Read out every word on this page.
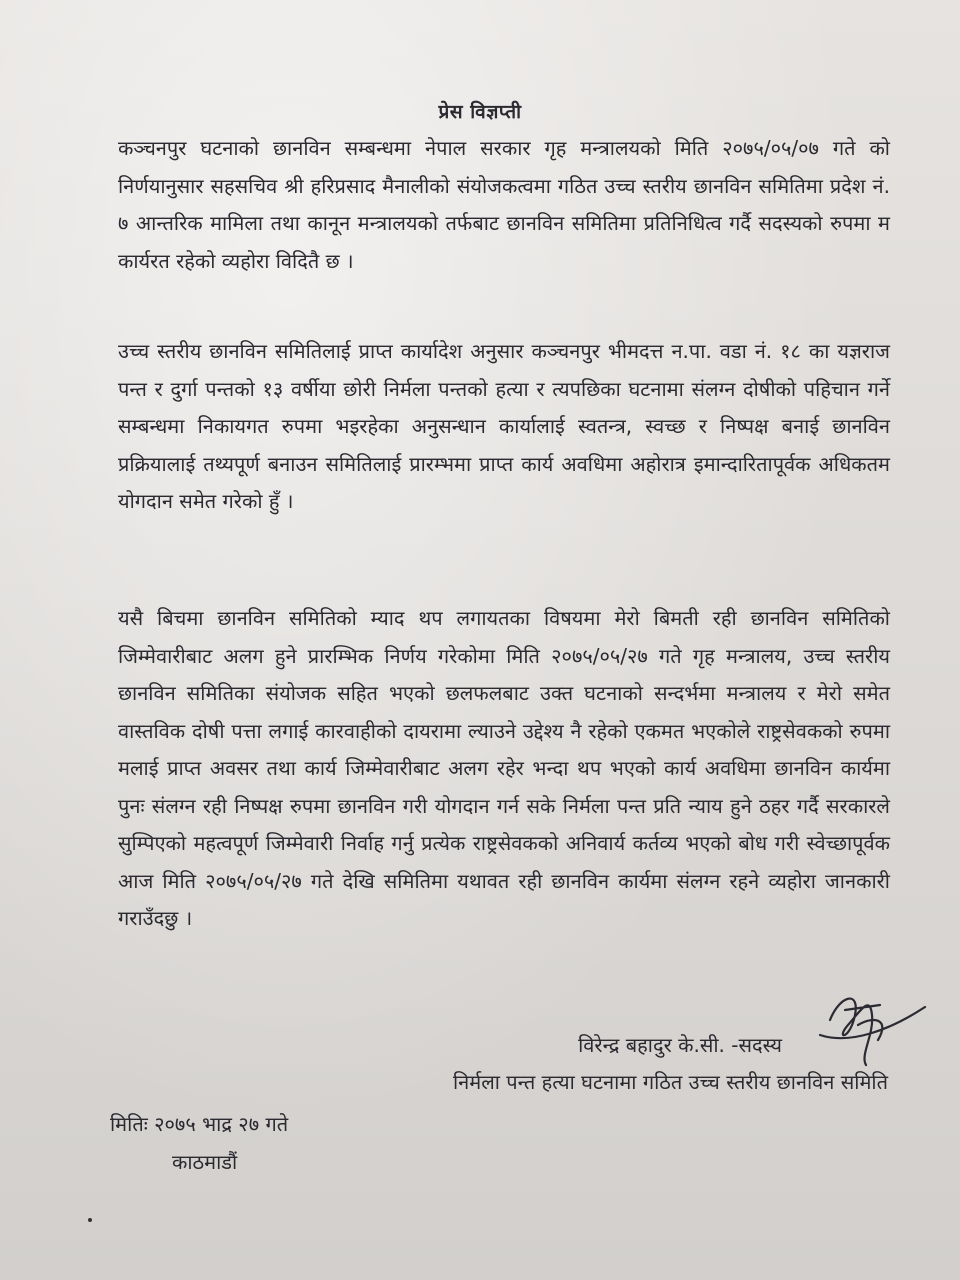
प्रेस विज्ञप्ती

कञ्चनपुर घटनाको छानविन सम्बन्धमा नेपाल सरकार गृह मन्त्रालयको मिति २०७५/०५/०७ गते को निर्णयानुसार सहसचिव श्री हरिप्रसाद मैनालीको संयोजकत्वमा गठित उच्च स्तरीय छानविन समितिमा प्रदेश नं. ७ आन्तरिक मामिला तथा कानून मन्त्रालयको तर्फबाट छानविन समितिमा प्रतिनिधित्व गर्दै सदस्यको रुपमा म कार्यरत रहेको व्यहोरा विदितै छ ।

उच्च स्तरीय छानविन समितिलाई प्राप्त कार्यादेश अनुसार कञ्चनपुर भीमदत्त न.पा. वडा नं. १८ का यज्ञराज पन्त र दुर्गा पन्तको १३ वर्षीया छोरी निर्मला पन्तको हत्या र त्यपछिका घटनामा संलग्न दोषीको पहिचान गर्ने सम्बन्धमा निकायगत रुपमा भइरहेका अनुसन्धान कार्यालाई स्वतन्त्र, स्वच्छ र निष्पक्ष बनाई छानविन प्रक्रियालाई तथ्यपूर्ण बनाउन समितिलाई प्रारम्भमा प्राप्त कार्य अवधिमा अहोरात्र इमान्दारितापूर्वक अधिकतम योगदान समेत गरेको हुँ ।

यसै बिचमा छानविन समितिको म्याद थप लगायतका विषयमा मेरो बिमती रही छानविन समितिको जिम्मेवारीबाट अलग हुने प्रारम्भिक निर्णय गरेकोमा मिति २०७५/०५/२७ गते गृह मन्त्रालय, उच्च स्तरीय छानविन समितिका संयोजक सहित भएको छलफलबाट उक्त घटनाको सन्दर्भमा मन्त्रालय र मेरो समेत वास्तविक दोषी पत्ता लगाई कारवाहीको दायरामा ल्याउने उद्देश्य नै रहेको एकमत भएकोले राष्ट्रसेवकको रुपमा मलाई प्राप्त अवसर तथा कार्य जिम्मेवारीबाट अलग रहेर भन्दा थप भएको कार्य अवधिमा छानविन कार्यमा पुनः संलग्न रही निष्पक्ष रुपमा छानविन गरी योगदान गर्न सके निर्मला पन्त प्रति न्याय हुने ठहर गर्दै सरकारले सुम्पिएको महत्वपूर्ण जिम्मेवारी निर्वाह गर्नु प्रत्येक राष्ट्रसेवकको अनिवार्य कर्तव्य भएको बोध गरी स्वेच्छापूर्वक आज मिति २०७५/०५/२७ गते देखि समितिमा यथावत रही छानविन कार्यमा संलग्न रहने व्यहोरा जानकारी गराउँदछु ।

विरेन्द्र बहादुर के.सी. -सदस्य
निर्मला पन्त हत्या घटनामा गठित उच्च स्तरीय छानविन समिति
मितिः २०७५ भाद्र २७ गते
काठमाडौं
